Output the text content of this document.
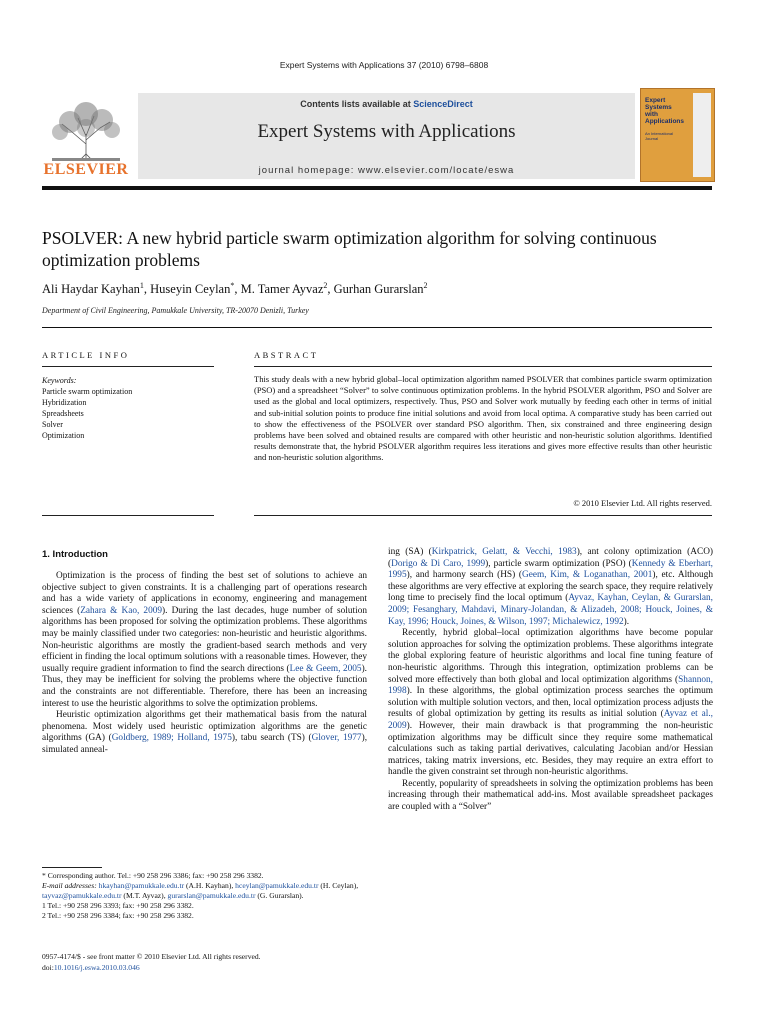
Expert Systems with Applications 37 (2010) 6798–6808
ELSEVIER
Contents lists available at ScienceDirect
Expert Systems with Applications
journal homepage: www.elsevier.com/locate/eswa
Expert Systems with Applications
An International Journal
PSOLVER: A new hybrid particle swarm optimization algorithm for solving continuous optimization problems
Ali Haydar Kayhan$^1$, Huseyin Ceylan*, M. Tamer Ayvaz$^2$, Gurhan Gurarslan$^2$
Department of Civil Engineering, Pamukkale University, TR-20070 Denizli, Turkey
ARTICLE INFO
Keywords:
Particle swarm optimization
Hybridization
Spreadsheets
Solver
Optimization
ABSTRACT
This study deals with a new hybrid global–local optimization algorithm named PSOLVER that combines particle swarm optimization (PSO) and a spreadsheet “Solver” to solve continuous optimization problems. In the hybrid PSOLVER algorithm, PSO and Solver are used as the global and local optimizers, respectively. Thus, PSO and Solver work mutually by feeding each other in terms of initial and sub-initial solution points to produce fine initial solutions and avoid from local optima. A comparative study has been carried out to show the effectiveness of the PSOLVER over standard PSO algorithm. Then, six constrained and three engineering design problems have been solved and obtained results are compared with other heuristic and non-heuristic solution algorithms. Identified results demonstrate that, the hybrid PSOLVER algorithm requires less iterations and gives more effective results than other heuristic and non-heuristic solution algorithms.
© 2010 Elsevier Ltd. All rights reserved.
1. Introduction

Optimization is the process of finding the best set of solutions to achieve an objective subject to given constraints. It is a challenging part of operations research and has a wide variety of applications in economy, engineering and management sciences (Zahara & Kao, 2009). During the last decades, huge number of solution algorithms has been proposed for solving the optimization problems. These algorithms may be mainly classified under two categories: non-heuristic and heuristic algorithms. Non-heuristic algorithms are mostly the gradient-based search methods and very efficient in finding the local optimum solutions with a reasonable times. However, they usually require gradient information to find the search directions (Lee & Geem, 2005). Thus, they may be inefficient for solving the problems where the objective function and the constraints are not differentiable. Therefore, there has been an increasing interest to use the heuristic algorithms to solve the optimization problems.

Heuristic optimization algorithms get their mathematical basis from the natural phenomena. Most widely used heuristic optimization algorithms are the genetic algorithms (GA) (Goldberg, 1989; Holland, 1975), tabu search (TS) (Glover, 1977), simulated anneal-

ing (SA) (Kirkpatrick, Gelatt, & Vecchi, 1983), ant colony optimization (ACO) (Dorigo & Di Caro, 1999), particle swarm optimization (PSO) (Kennedy & Eberhart, 1995), and harmony search (HS) (Geem, Kim, & Loganathan, 2001), etc. Although these algorithms are very effective at exploring the search space, they require relatively long time to precisely find the local optimum (Ayvaz, Kayhan, Ceylan, & Gurarslan, 2009; Fesanghary, Mahdavi, Minary-Jolandan, & Alizadeh, 2008; Houck, Joines, & Kay, 1996; Houck, Joines, & Wilson, 1997; Michalewicz, 1992).

Recently, hybrid global–local optimization algorithms have become popular solution approaches for solving the optimization problems. These algorithms integrate the global exploring feature of heuristic algorithms and local fine tuning feature of non-heuristic algorithms. Through this integration, optimization problems can be solved more effectively than both global and local optimization algorithms (Shannon, 1998). In these algorithms, the global optimization process searches the optimum solution with multiple solution vectors, and then, local optimization process adjusts the results of global optimization by getting its results as initial solution (Ayvaz et al., 2009). However, their main drawback is that programming the non-heuristic optimization algorithms may be difficult since they require some mathematical calculations such as taking partial derivatives, calculating Jacobian and/or Hessian matrices, taking matrix inversions, etc. Besides, they may require an extra effort to handle the given constraint set through non-heuristic algorithms.

Recently, popularity of spreadsheets in solving the optimization problems has been increasing through their mathematical add-ins. Most available spreadsheet packages are coupled with a “Solver”

* Corresponding author. Tel.: +90 258 296 3386; fax: +90 258 296 3382.
E-mail addresses: hkayhan@pamukkale.edu.tr (A.H. Kayhan), hceylan@pamukkale.edu.tr (H. Ceylan), tayvaz@pamukkale.edu.tr (M.T. Ayvaz), gurarslan@pamukkale.edu.tr (G. Gurarslan).
1 Tel.: +90 258 296 3393; fax: +90 258 296 3382.
2 Tel.: +90 258 296 3384; fax: +90 258 296 3382.
0957-4174/$ - see front matter © 2010 Elsevier Ltd. All rights reserved.
doi:10.1016/j.eswa.2010.03.046
